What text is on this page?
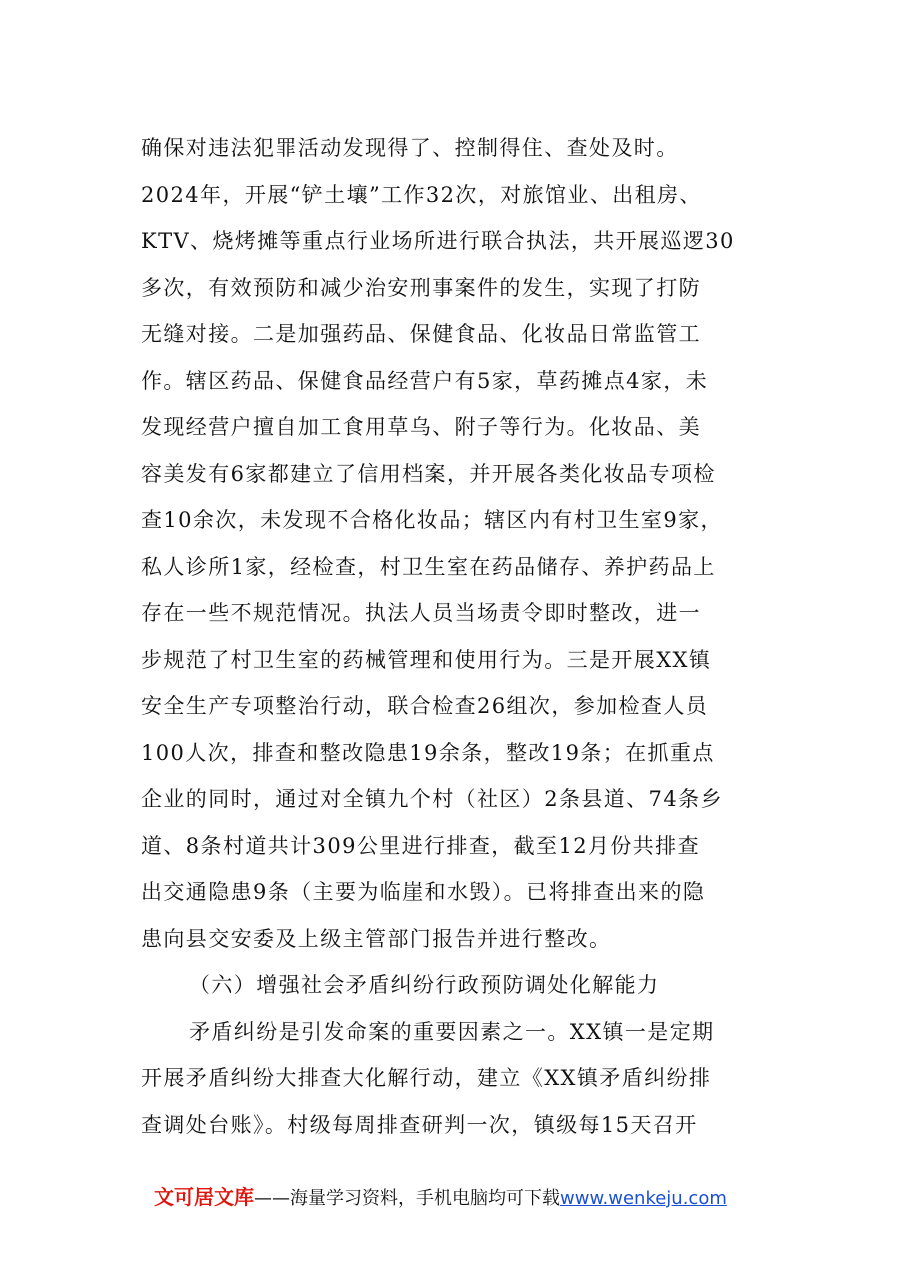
确保对违法犯罪活动发现得了、控制得住、查处及时。
2024年，开展“铲土壤”工作32次，对旅馆业、出租房、
KTV、烧烤摊等重点行业场所进行联合执法，共开展巡逻30
多次，有效预防和减少治安刑事案件的发生，实现了打防
无缝对接。二是加强药品、保健食品、化妆品日常监管工
作。辖区药品、保健食品经营户有5家，草药摊点4家，未
发现经营户擅自加工食用草乌、附子等行为。化妆品、美
容美发有6家都建立了信用档案，并开展各类化妆品专项检
查10余次，未发现不合格化妆品；辖区内有村卫生室9家，
私人诊所1家，经检查，村卫生室在药品储存、养护药品上
存在一些不规范情况。执法人员当场责令即时整改，进一
步规范了村卫生室的药械管理和使用行为。三是开展XX镇
安全生产专项整治行动，联合检查26组次，参加检查人员
100人次，排查和整改隐患19余条，整改19条；在抓重点
企业的同时，通过对全镇九个村（社区）2条县道、74条乡
道、8条村道共计309公里进行排查，截至12月份共排查
出交通隐患9条（主要为临崖和水毁）。已将排查出来的隐
患向县交安委及上级主管部门报告并进行整改。
（六）增强社会矛盾纠纷行政预防调处化解能力
矛盾纠纷是引发命案的重要因素之一。XX镇一是定期
开展矛盾纠纷大排查大化解行动，建立《XX镇矛盾纠纷排
查调处台账》。村级每周排查研判一次，镇级每15天召开
文可居文库——海量学习资料，手机电脑均可下载www.wenkeju.com
